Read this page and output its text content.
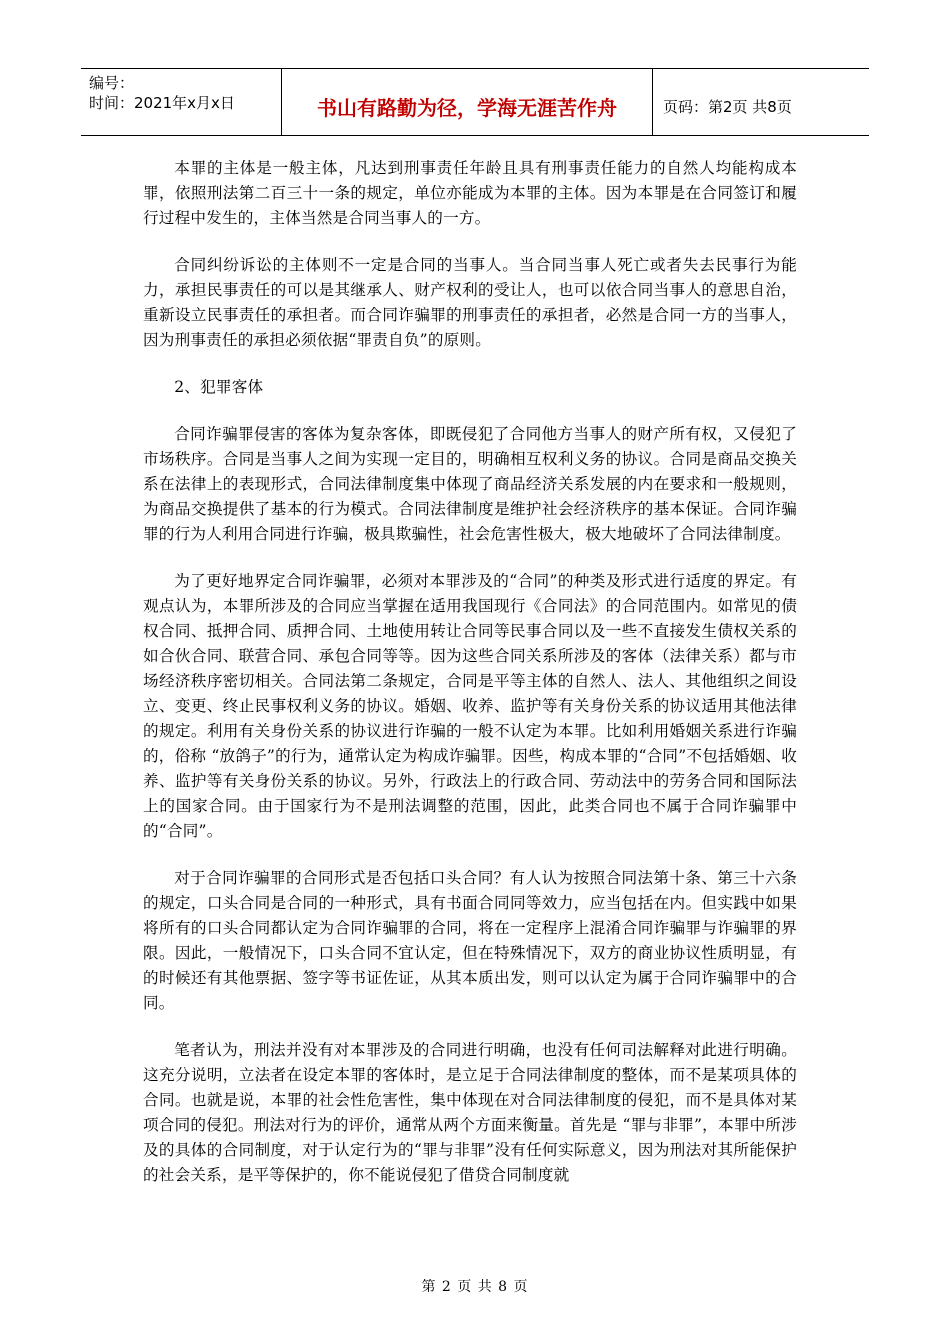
编号：
时间：2021年x月x日	书山有路勤为径，学海无涯苦作舟	页码：第2页 共8页

本罪的主体是一般主体，凡达到刑事责任年龄且具有刑事责任能力的自然人均能构成本罪，依照刑法第二百三十一条的规定，单位亦能成为本罪的主体。因为本罪是在合同签订和履行过程中发生的，主体当然是合同当事人的一方。

合同纠纷诉讼的主体则不一定是合同的当事人。当合同当事人死亡或者失去民事行为能力，承担民事责任的可以是其继承人、财产权利的受让人，也可以依合同当事人的意思自治，重新设立民事责任的承担者。而合同诈骗罪的刑事责任的承担者，必然是合同一方的当事人，因为刑事责任的承担必须依据“罪责自负”的原则。

2、犯罪客体

合同诈骗罪侵害的客体为复杂客体，即既侵犯了合同他方当事人的财产所有权，又侵犯了市场秩序。合同是当事人之间为实现一定目的，明确相互权利义务的协议。合同是商品交换关系在法律上的表现形式，合同法律制度集中体现了商品经济关系发展的内在要求和一般规则，为商品交换提供了基本的行为模式。合同法律制度是维护社会经济秩序的基本保证。合同诈骗罪的行为人利用合同进行诈骗，极具欺骗性，社会危害性极大，极大地破坏了合同法律制度。

为了更好地界定合同诈骗罪，必须对本罪涉及的“合同”的种类及形式进行适度的界定。有观点认为，本罪所涉及的合同应当掌握在适用我国现行《合同法》的合同范围内。如常见的债权合同、抵押合同、质押合同、土地使用转让合同等民事合同以及一些不直接发生债权关系的如合伙合同、联营合同、承包合同等等。因为这些合同关系所涉及的客体（法律关系）都与市场经济秩序密切相关。合同法第二条规定，合同是平等主体的自然人、法人、其他组织之间设立、变更、终止民事权利义务的协议。婚姻、收养、监护等有关身份关系的协议适用其他法律的规定。利用有关身份关系的协议进行诈骗的一般不认定为本罪。比如利用婚姻关系进行诈骗的，俗称 “放鸽子”的行为，通常认定为构成诈骗罪。因些，构成本罪的“合同”不包括婚姻、收养、监护等有关身份关系的协议。另外，行政法上的行政合同、劳动法中的劳务合同和国际法上的国家合同。由于国家行为不是刑法调整的范围，因此，此类合同也不属于合同诈骗罪中的“合同”。

对于合同诈骗罪的合同形式是否包括口头合同？有人认为按照合同法第十条、第三十六条的规定，口头合同是合同的一种形式，具有书面合同同等效力，应当包括在内。但实践中如果将所有的口头合同都认定为合同诈骗罪的合同，将在一定程序上混淆合同诈骗罪与诈骗罪的界限。因此，一般情况下，口头合同不宜认定，但在特殊情况下，双方的商业协议性质明显，有的时候还有其他票据、签字等书证佐证，从其本质出发，则可以认定为属于合同诈骗罪中的合同。

笔者认为，刑法并没有对本罪涉及的合同进行明确，也没有任何司法解释对此进行明确。这充分说明，立法者在设定本罪的客体时，是立足于合同法律制度的整体，而不是某项具体的合同。也就是说，本罪的社会性危害性，集中体现在对合同法律制度的侵犯，而不是具体对某项合同的侵犯。刑法对行为的评价，通常从两个方面来衡量。首先是 “罪与非罪”，本罪中所涉及的具体的合同制度，对于认定行为的“罪与非罪”没有任何实际意义，因为刑法对其所能保护的社会关系，是平等保护的，你不能说侵犯了借贷合同制度就

第 2 页 共 8 页
